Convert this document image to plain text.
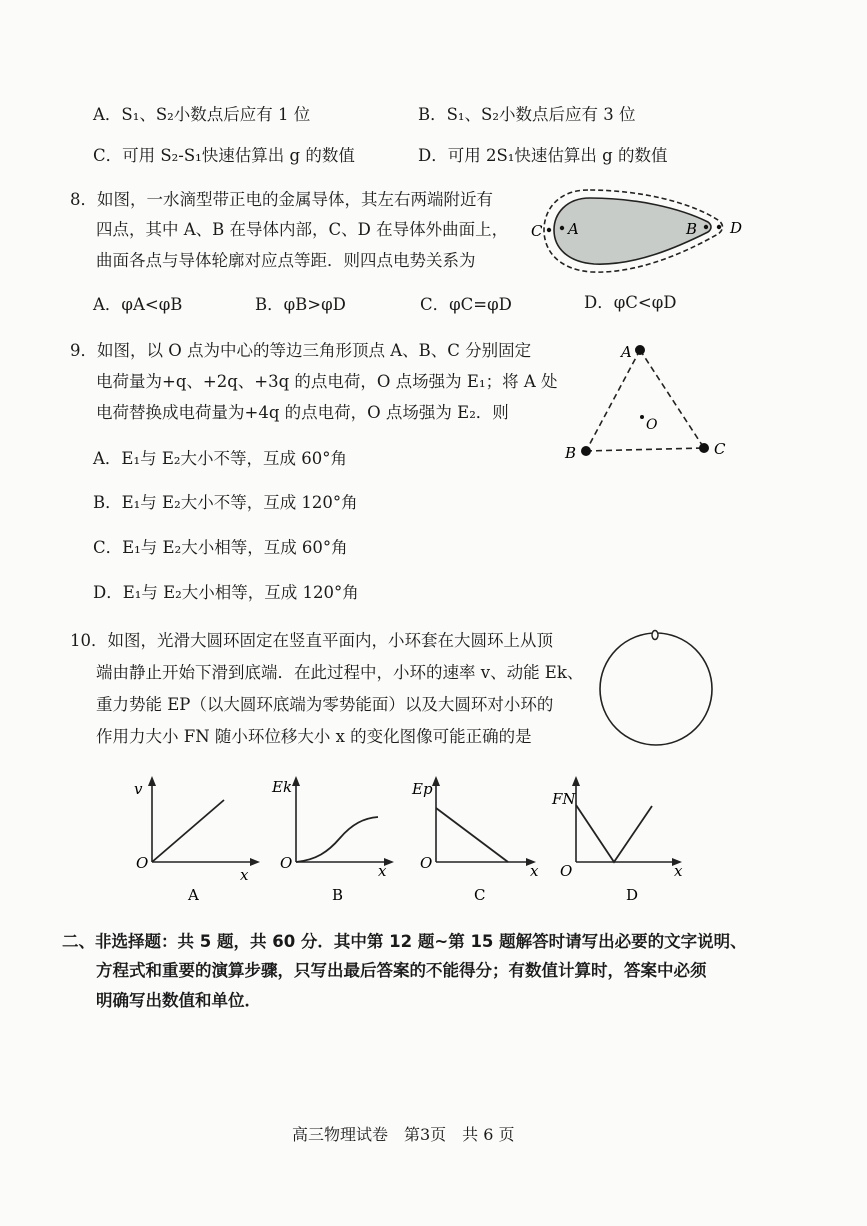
A．S₁、S₂小数点后应有 1 位	B．S₁、S₂小数点后应有 3 位
C．可用 S₂-S₁快速估算出 g 的数值	D．可用 2S₁快速估算出 g 的数值
8．如图，一水滴型带正电的金属导体，其左右两端附近有
四点，其中 A、B 在导体内部，C、D 在导体外曲面上，
曲面各点与导体轮廓对应点等距．则四点电势关系为
A．φA<φB	B．φB>φD	C．φC=φD	D．φC<φD
C A	B D
9．如图，以 O 点为中心的等边三角形顶点 A、B、C 分别固定
电荷量为+q、+2q、+3q 的点电荷，O 点场强为 E₁；将 A 处
电荷替换成电荷量为+4q 的点电荷，O 点场强为 E₂．则
A．E₁与 E₂大小不等，互成 60°角
B．E₁与 E₂大小不等，互成 120°角
C．E₁与 E₂大小相等，互成 60°角
D．E₁与 E₂大小相等，互成 120°角
A
B	C
O
10．如图，光滑大圆环固定在竖直平面内，小环套在大圆环上从顶
端由静止开始下滑到底端．在此过程中，小环的速率 v、动能 Ek、
重力势能 EP（以大圆环底端为零势能面）以及大圆环对小环的
作用力大小 FN 随小环位移大小 x 的变化图像可能正确的是
v
O
x
A
Ek
O	x
B
Ep
O	x
C
FN
O	x
D
二、非选择题：共 5 题，共 60 分．其中第 12 题~第 15 题解答时请写出必要的文字说明、
方程式和重要的演算步骤，只写出最后答案的不能得分；有数值计算时，答案中必须
明确写出数值和单位．
高三物理试卷　第3页　共 6 页
